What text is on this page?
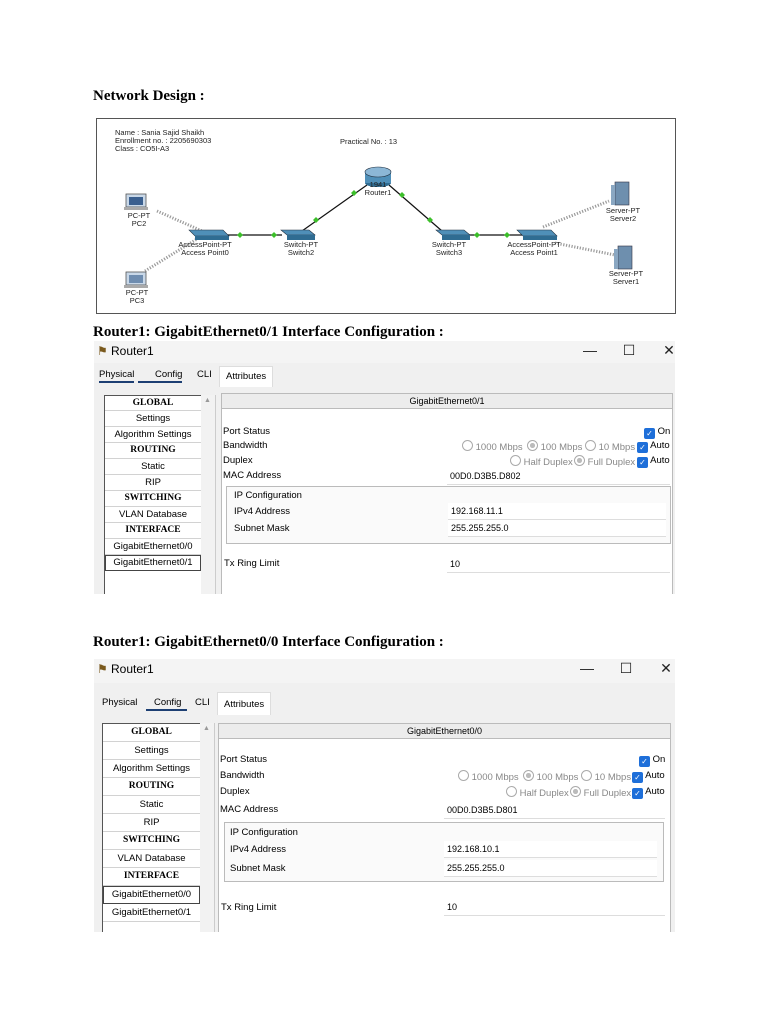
Network Design :
Name : Sania Sajid Shaikh
Enrollment no. : 2205690303
Class : CO5I-A3
Practical No. : 13
PC-PT
PC2
PC-PT
PC3
AccessPoint-PT
Access Point0
Switch-PT
Switch2
1941
Router1
Switch-PT
Switch3
AccessPoint-PT
Access Point1
Server-PT
Server2
Server-PT
Server1
Router1: GigabitEthernet0/1 Interface Configuration :
⚑ Router1	— ☐ ✕
Physical	Config CLI	Attributes
GLOBAL
Settings
Algorithm Settings
ROUTING
Static
RIP
SWITCHING
VLAN Database
INTERFACE
GigabitEthernet0/0
GigabitEthernet0/1
▲	GigabitEthernet0/1
Port Status	✓ On
Bandwidth	1000 Mbps	100 Mbps	10 Mbps ✓ Auto
Duplex	Half Duplex	Full Duplex ✓ Auto
MAC Address	00D0.D3B5.D802
IP Configuration
IPv4 Address	192.168.11.1
Subnet Mask	255.255.255.0
Tx Ring Limit	10
Router1: GigabitEthernet0/0 Interface Configuration :
⚑ Router1	— ☐ ✕
Physical	Config	CLI	Attributes
GLOBAL
Settings
Algorithm Settings
ROUTING
Static
RIP
SWITCHING
VLAN Database
INTERFACE
GigabitEthernet0/0
GigabitEthernet0/1
▲	GigabitEthernet0/0
Port Status	✓ On
Bandwidth	1000 Mbps	100 Mbps	10 Mbps ✓ Auto
Duplex	Half Duplex	Full Duplex ✓ Auto
MAC Address	00D0.D3B5.D801
IP Configuration
IPv4 Address	192.168.10.1
Subnet Mask	255.255.255.0
Tx Ring Limit	10
